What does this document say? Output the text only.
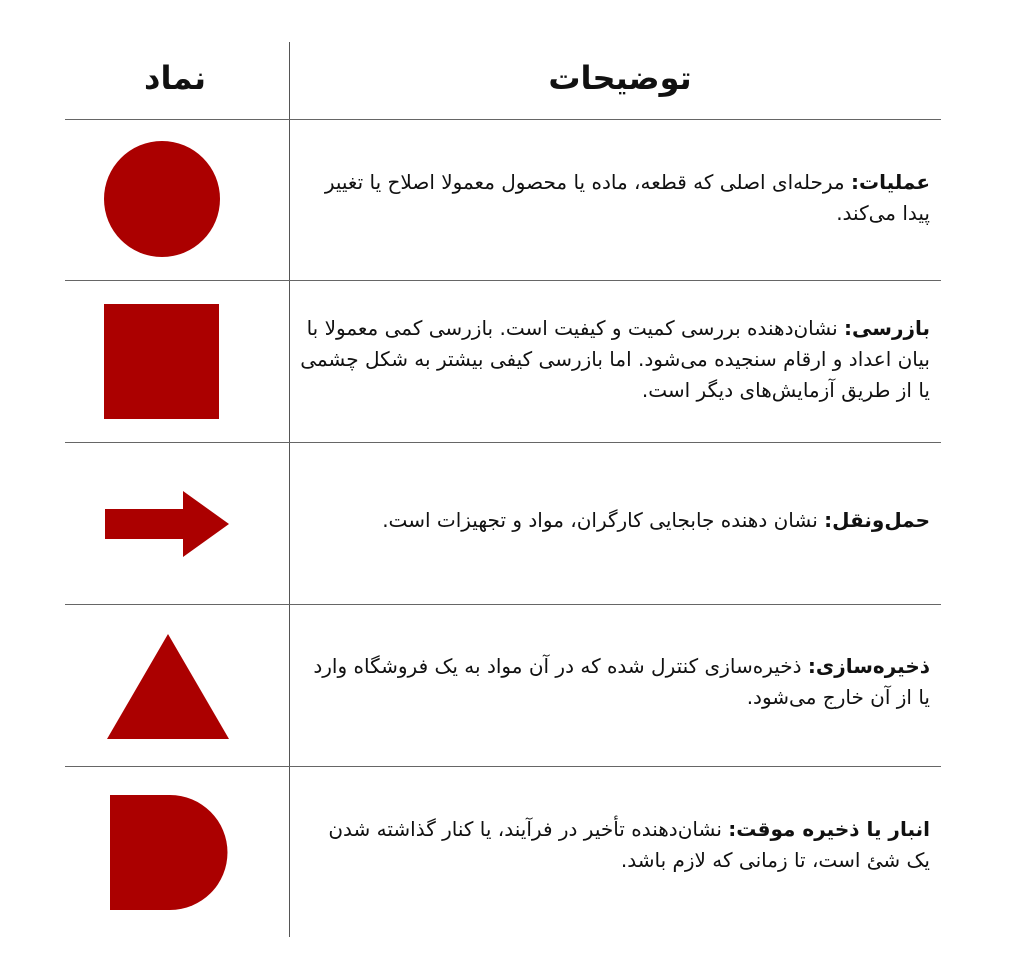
نماد	توضیحات
عملیات: مرحله‌ای اصلی که قطعه، ماده یا محصول معمولا اصلاح یا تغییر پیدا می‌کند.
بازرسی: نشان‌دهنده بررسی کمیت و کیفیت است. بازرسی کمی معمولا با بیان اعداد و ارقام سنجیده می‌شود. اما بازرسی کیفی بیشتر به شکل چشمی یا از طریق آزمایش‌های دیگر است.
حمل‌ونقل: نشان دهنده جابجایی کارگران، مواد و تجهیزات است.
ذخیره‌سازی: ذخیره‌سازی کنترل شده که در آن مواد به یک فروشگاه وارد یا از آن خارج می‌شود.
انبار یا ذخیره موقت: نشان‌دهنده تأخیر در فرآیند، یا کنار گذاشته شدن یک شئ است، تا زمانی که لازم باشد.
